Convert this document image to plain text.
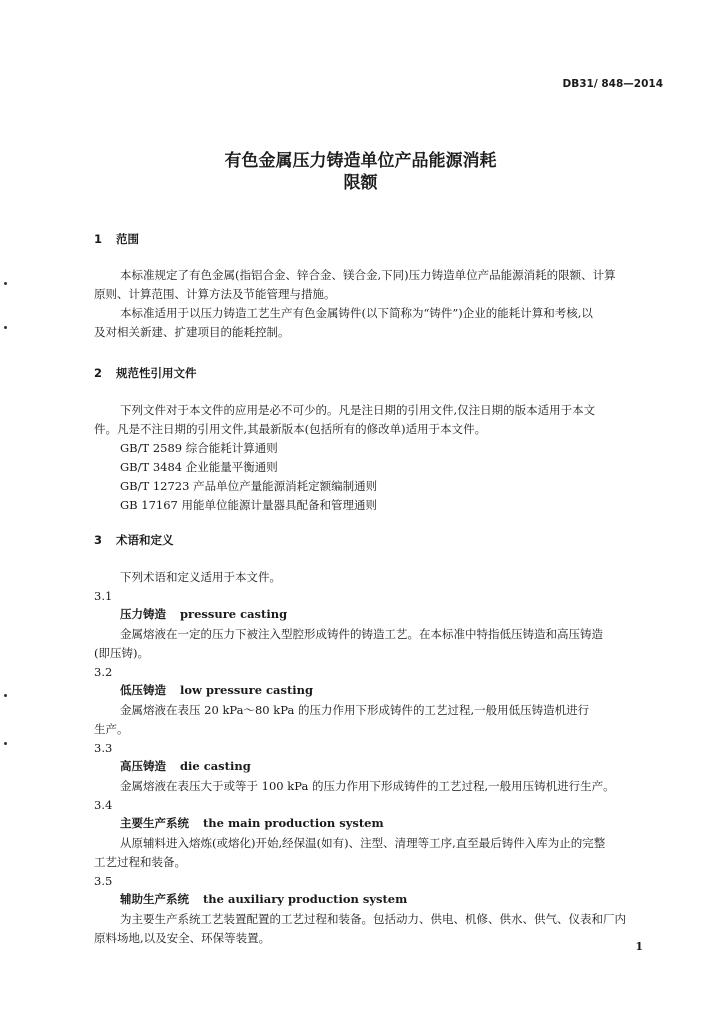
DB31/ 848—2014
有色金属压力铸造单位产品能源消耗
限额
1 范围
本标准规定了有色金属(指铝合金、锌合金、镁合金,下同)压力铸造单位产品能源消耗的限额、计算
原则、计算范围、计算方法及节能管理与措施。
本标准适用于以压力铸造工艺生产有色金属铸件(以下简称为“铸件”)企业的能耗计算和考核,以
及对相关新建、扩建项目的能耗控制。
2 规范性引用文件
下列文件对于本文件的应用是必不可少的。凡是注日期的引用文件,仅注日期的版本适用于本文
件。凡是不注日期的引用文件,其最新版本(包括所有的修改单)适用于本文件。
GB/T 2589 综合能耗计算通则
GB/T 3484 企业能量平衡通则
GB/T 12723 产品单位产量能源消耗定额编制通则
GB 17167 用能单位能源计量器具配备和管理通则
3 术语和定义
下列术语和定义适用于本文件。
3.1
压力铸造 pressure casting
金属熔液在一定的压力下被注入型腔形成铸件的铸造工艺。在本标准中特指低压铸造和高压铸造
(即压铸)。
3.2
低压铸造 low pressure casting
金属熔液在表压 20 kPa～80 kPa 的压力作用下形成铸件的工艺过程,一般用低压铸造机进行
生产。
3.3
高压铸造 die casting
金属熔液在表压大于或等于 100 kPa 的压力作用下形成铸件的工艺过程,一般用压铸机进行生产。
3.4
主要生产系统 the main production system
从原辅料进入熔炼(或熔化)开始,经保温(如有)、注型、清理等工序,直至最后铸件入库为止的完整
工艺过程和装备。
3.5
辅助生产系统 the auxiliary production system
为主要生产系统工艺装置配置的工艺过程和装备。包括动力、供电、机修、供水、供气、仪表和厂内
原料场地,以及安全、环保等装置。
1
